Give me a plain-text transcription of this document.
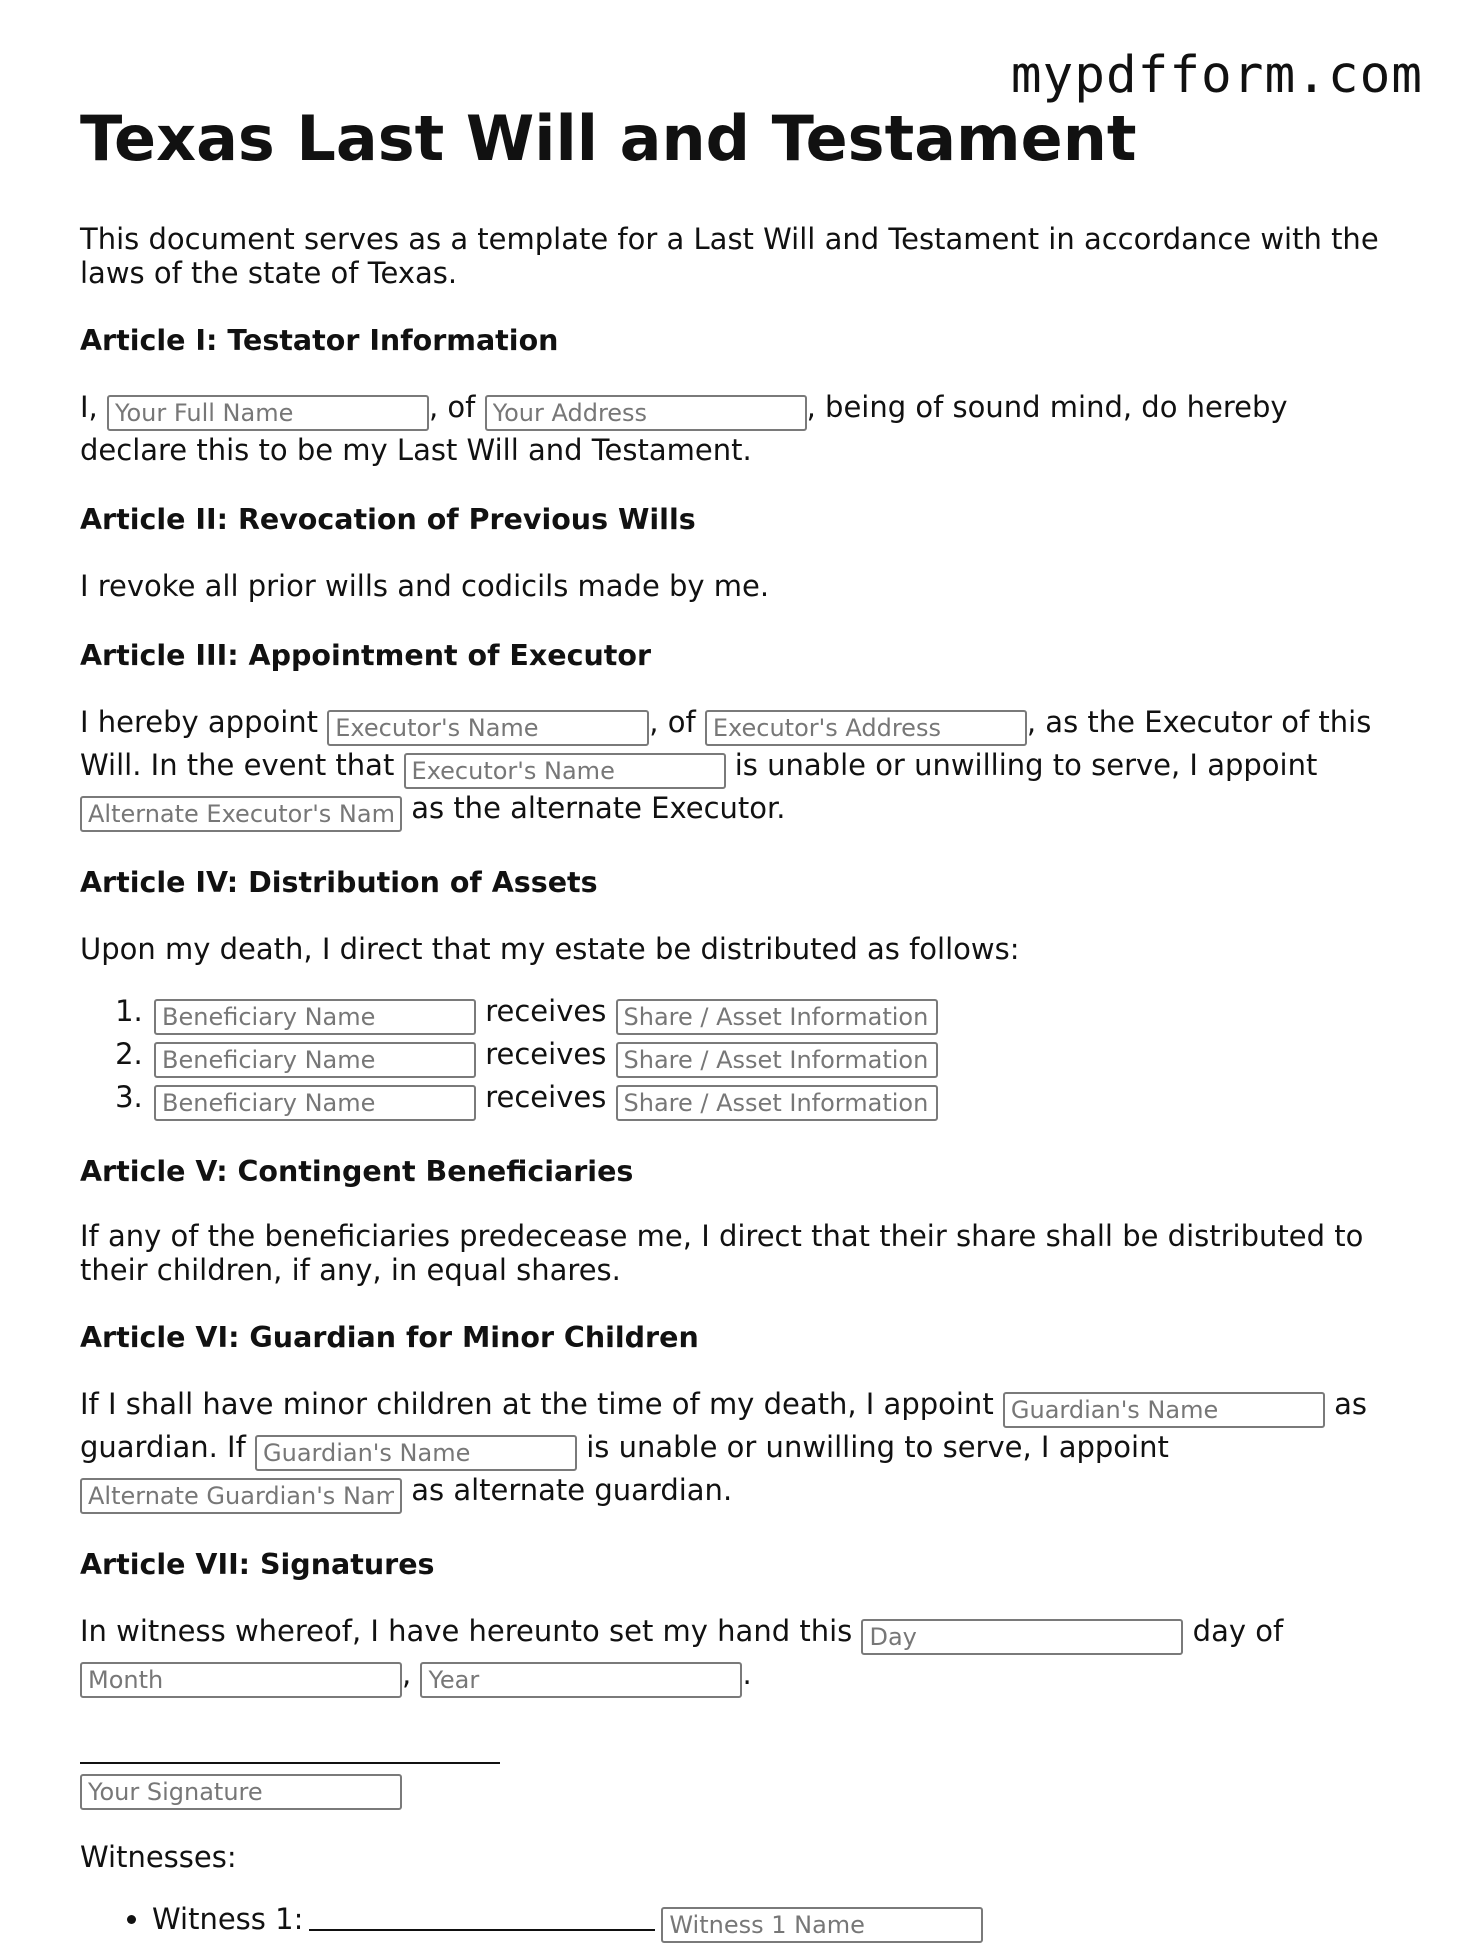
mypdfform.com
Texas Last Will and Testament

This document serves as a template for a Last Will and Testament in accordance with the laws of the state of Texas.

Article I: Testator Information

I, Your Full Name	, of Your Address	, being of sound mind, do hereby declare this to be my Last Will and Testament.

Article II: Revocation of Previous Wills

I revoke all prior wills and codicils made by me.

Article III: Appointment of Executor

I hereby appoint Executor's Name	, of Executor's Address	, as the Executor of this Will. In the event that Executor's Name	is unable or unwilling to serve, I appoint Alternate Executor's Name as the alternate Executor.

Article IV: Distribution of Assets

Upon my death, I direct that my estate be distributed as follows:

Beneficiary Name 1. receives Share / Asset Information
Beneficiary Name 2. receives Share / Asset Information
Beneficiary Name 3. receives Share / Asset Information
Article V: Contingent Beneficiaries

If any of the beneficiaries predecease me, I direct that their share shall be distributed to their children, if any, in equal shares.

Article VI: Guardian for Minor Children

If I shall have minor children at the time of my death, I appoint Guardian's Name	as guardian. If Guardian's Name	is unable or unwilling to serve, I appoint Alternate Guardian's Name as alternate guardian.

Article VII: Signatures

In witness whereof, I have hereunto set my hand this Day	day of Month, Year	.

Your Signature

Witnesses:

• Witness 1:Witness 1 Name
